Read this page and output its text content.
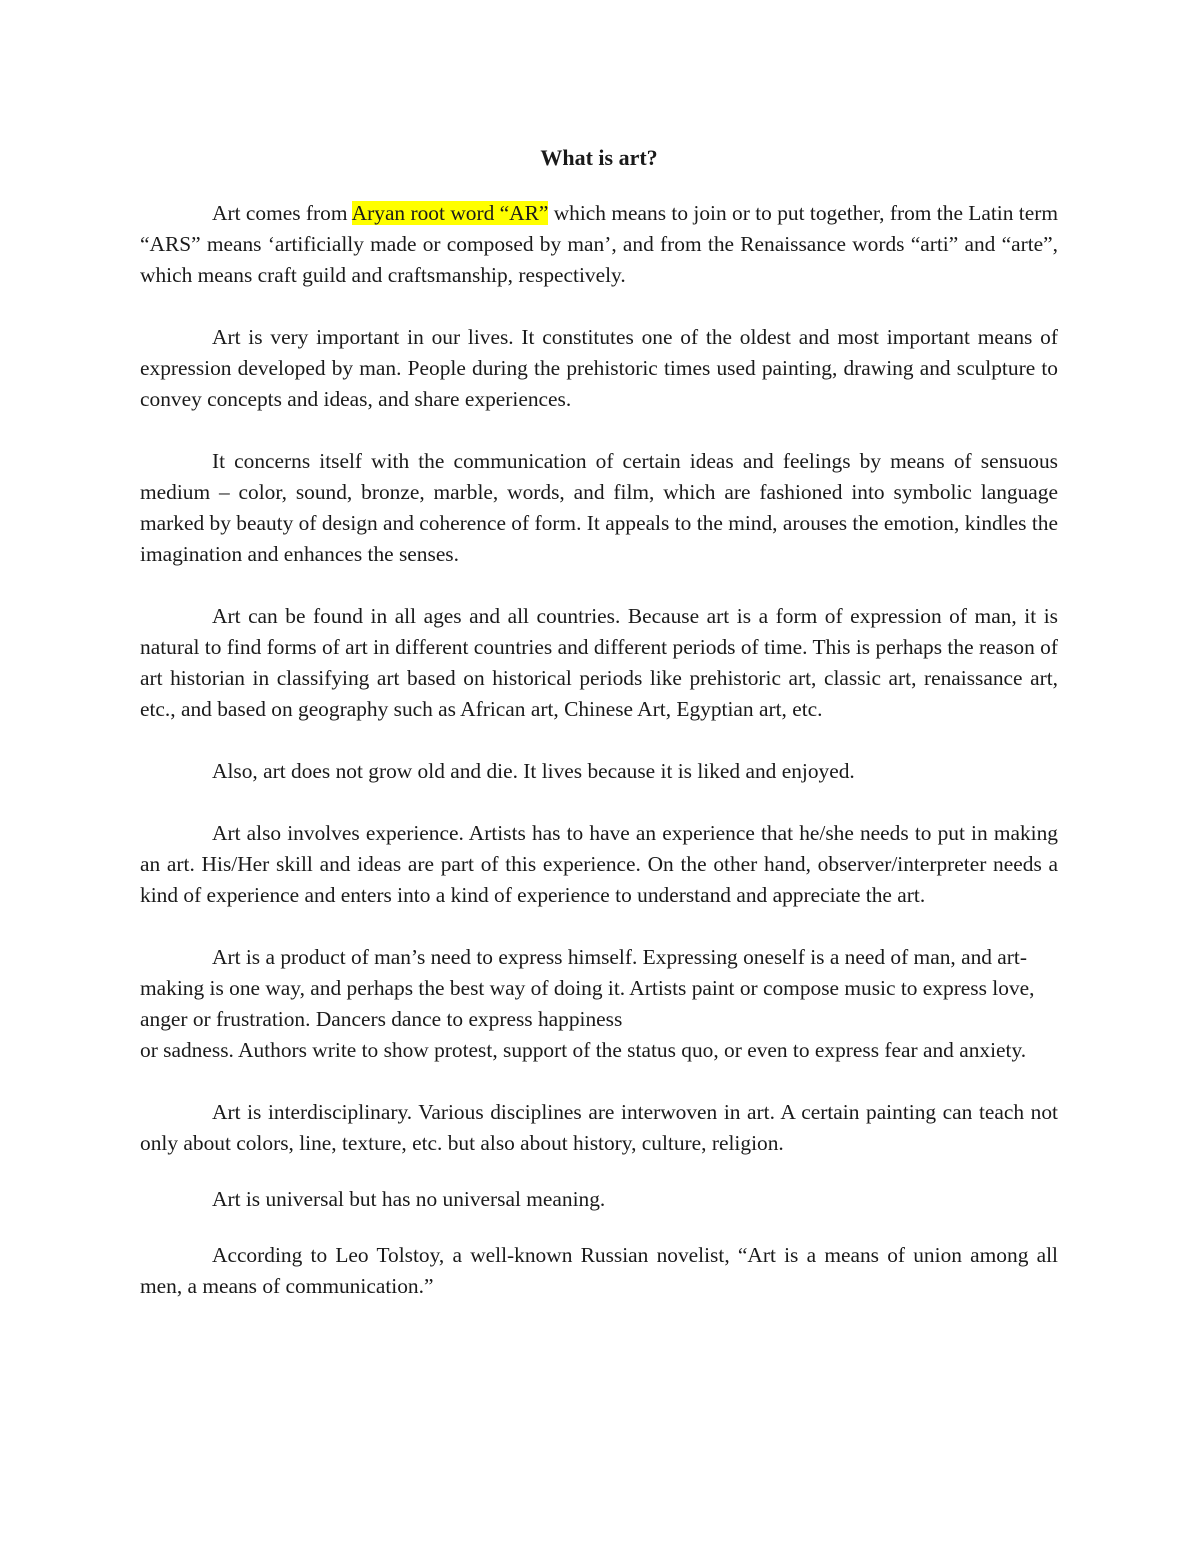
What is art?

Art comes from Aryan root word “AR” which means to join or to put together, from the Latin term “ARS” means ‘artificially made or composed by man’, and from the Renaissance words “arti” and “arte”, which means craft guild and craftsmanship, respectively.

Art is very important in our lives. It constitutes one of the oldest and most important means of expression developed by man. People during the prehistoric times used painting, drawing and sculpture to convey concepts and ideas, and share experiences.

It concerns itself with the communication of certain ideas and feelings by means of sensuous medium – color, sound, bronze, marble, words, and film, which are fashioned into symbolic language marked by beauty of design and coherence of form. It appeals to the mind, arouses the emotion, kindles the imagination and enhances the senses.

Art can be found in all ages and all countries. Because art is a form of expression of man, it is natural to find forms of art in different countries and different periods of time. This is perhaps the reason of art historian in classifying art based on historical periods like prehistoric art, classic art, renaissance art, etc., and based on geography such as African art, Chinese Art, Egyptian art, etc.

Also, art does not grow old and die. It lives because it is liked and enjoyed.

Art also involves experience. Artists has to have an experience that he/she needs to put in making an art. His/Her skill and ideas are part of this experience. On the other hand, observer/interpreter needs a kind of experience and enters into a kind of experience to understand and appreciate the art.

Art is a product of man’s need to express himself. Expressing oneself is a need of man, and art-making is one way, and perhaps the best way of doing it. Artists paint or compose music to express love, anger or frustration. Dancers dance to express happiness
or sadness. Authors write to show protest, support of the status quo, or even to express fear and anxiety.

Art is interdisciplinary. Various disciplines are interwoven in art. A certain painting can teach not only about colors, line, texture, etc. but also about history, culture, religion.

Art is universal but has no universal meaning.

According to Leo Tolstoy, a well-known Russian novelist, “Art is a means of union among all men, a means of communication.”
